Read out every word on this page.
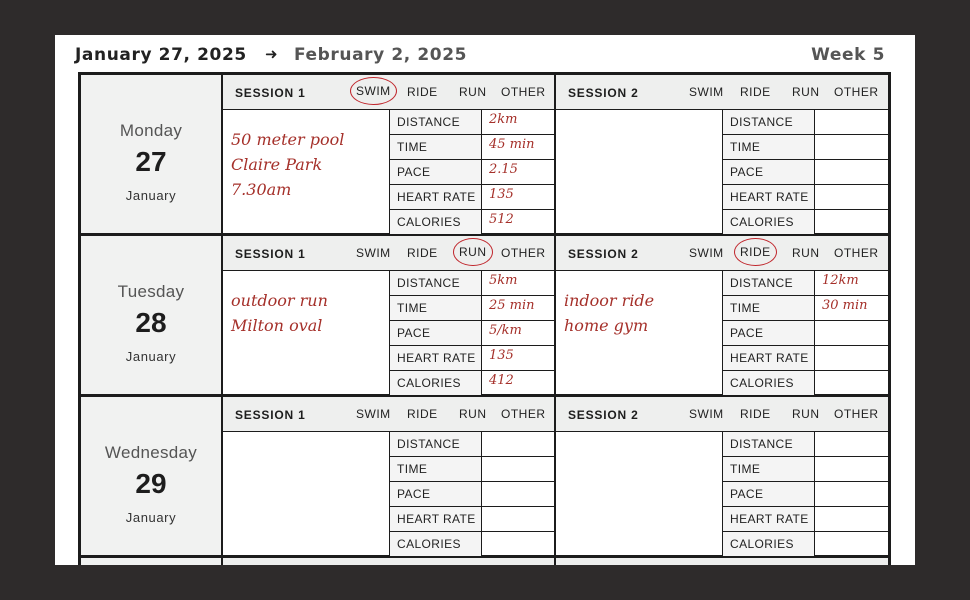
January 27, 2025 ➜ February 2, 2025	Week 5
Monday
27
January
SESSION 1	SWIM	RIDE RUN OTHER
50 meter pool
Claire Park
7.30am
DISTANCE	2km
TIME	45 min
PACE	2.15
HEART RATE	135
CALORIES	512
SESSION 2	SWIM RIDE RUN OTHER
DISTANCE
TIME
PACE
HEART RATE
CALORIES
Tuesday
28
January
SESSION 1	SWIM RIDE	RUN	OTHER
outdoor run
Milton oval
DISTANCE	5km
TIME	25 min
PACE	5/km
HEART RATE	135
CALORIES	412
SESSION 2	SWIM	RIDE	RUN OTHER
indoor ride
home gym
DISTANCE	12km
TIME	30 min
PACE
HEART RATE
CALORIES
Wednesday
29
January
SESSION 1	SWIM RIDE RUN OTHER
DISTANCE
TIME
PACE
HEART RATE
CALORIES
SESSION 2	SWIM RIDE RUN OTHER
DISTANCE
TIME
PACE
HEART RATE
CALORIES
